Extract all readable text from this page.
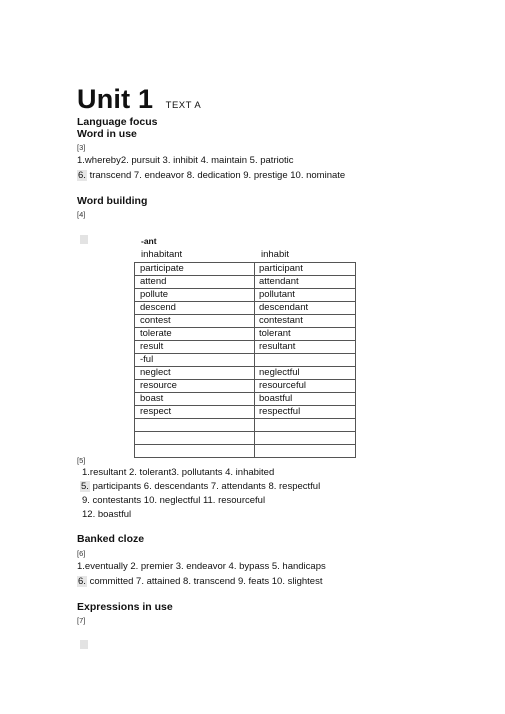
Unit 1 TEXT A
Language focus
Word in use
[3]
1.whereby2. pursuit 3. inhibit 4. maintain 5. patriotic
6. transcend 7. endeavor 8. dedication 9. prestige 10. nominate
Word building
[4]
-ant
inhabitant	inhabit
participate	participant
attend	attendant
pollute	pollutant
descend	descendant
contest	contestant
tolerate	tolerant
result	resultant
-ful	
neglect	neglectful
resource	resourceful
boast	boastful
respect	respectful

[5]
1.resultant 2. tolerant3. pollutants 4. inhabited
5. participants 6. descendants 7. attendants 8. respectful
9. contestants 10. neglectful 11. resourceful
12. boastful
Banked cloze
[6]
1.eventually 2. premier 3. endeavor 4. bypass 5. handicaps
6. committed 7. attained 8. transcend 9. feats 10. slightest
Expressions in use
[7]
